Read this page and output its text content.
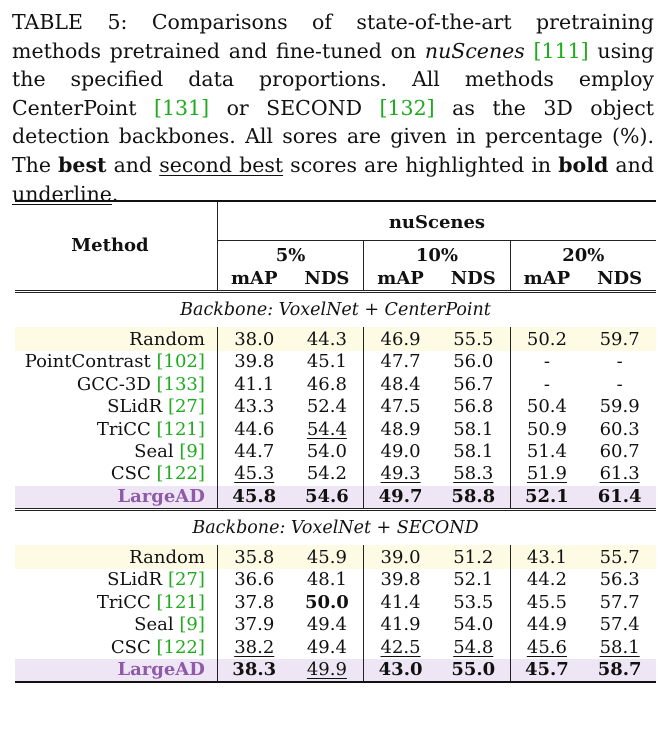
TABLE 5: Comparisons of state-of-the-art pretraining methods pretrained and fine-tuned on nuScenes [111] using the specified data proportions. All methods employ CenterPoint [131] or SECOND [132] as the 3D object detection backbones. All sores are given in percentage (%). The best and second best scores are highlighted in bold and underline.

Method	nuScenes					
	5%		10%		20%	
	mAP	NDS	mAP	NDS	mAP	NDS
Backbone: VoxelNet + CenterPoint						
Random	38.0	44.3	46.9	55.5	50.2	59.7
PointContrast [102]	39.8	45.1	47.7	56.0	-	-
GCC-3D [133]	41.1	46.8	48.4	56.7	-	-
SLidR [27]	43.3	52.4	47.5	56.8	50.4	59.9
TriCC [121]	44.6	54.4	48.9	58.1	50.9	60.3
Seal [9]	44.7	54.0	49.0	58.1	51.4	60.7
CSC [122]	45.3	54.2	49.3	58.3	51.9	61.3
LargeAD	45.8	54.6	49.7	58.8	52.1	61.4
Backbone: VoxelNet + SECOND						
Random	35.8	45.9	39.0	51.2	43.1	55.7
SLidR [27]	36.6	48.1	39.8	52.1	44.2	56.3
TriCC [121]	37.8	50.0	41.4	53.5	45.5	57.7
Seal [9]	37.9	49.4	41.9	54.0	44.9	57.4
CSC [122]	38.2	49.4	42.5	54.8	45.6	58.1
LargeAD	38.3	49.9	43.0	55.0	45.7	58.7
